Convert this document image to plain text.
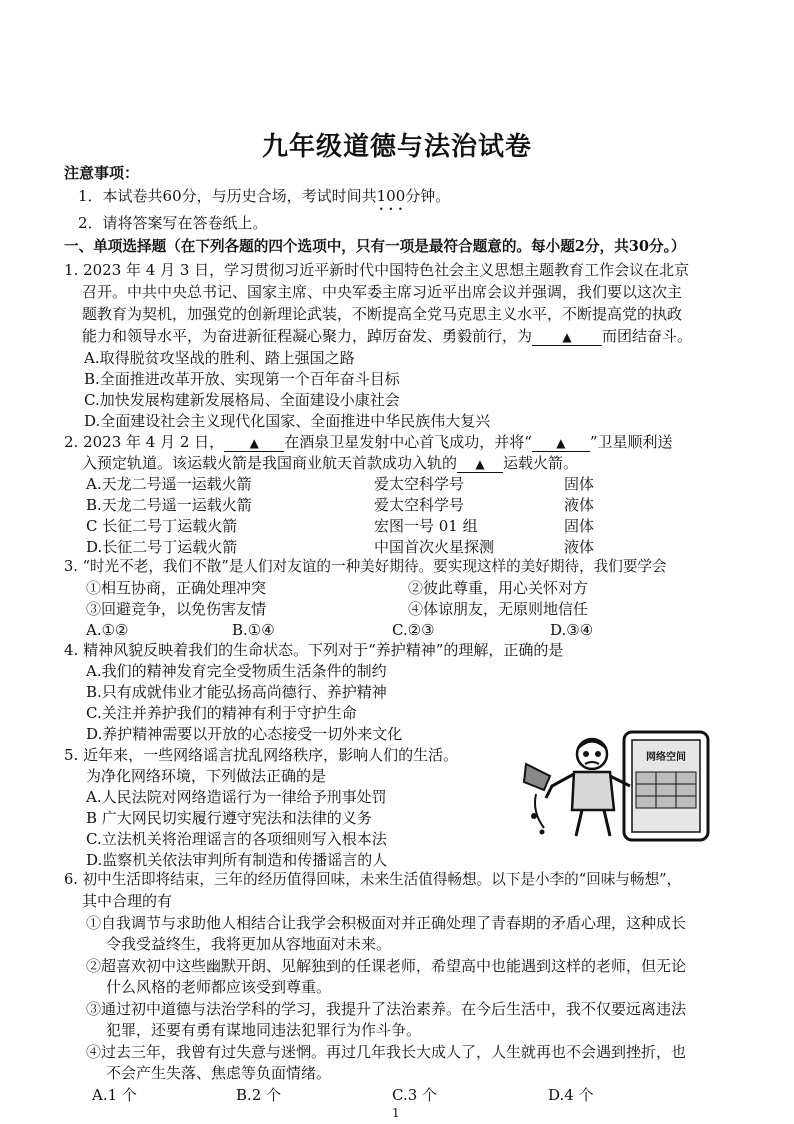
九年级道德与法治试卷
注意事项：
1．本试卷共60分，与历史合场，考试时间共100分钟。
2．请将答案写在答卷纸上。
一、单项选择题（在下列各题的四个选项中，只有一项是最符合题意的。每小题2分，共30分。）
1. 2023 年 4 月 3 日，学习贯彻习近平新时代中国特色社会主义思想主题教育工作会议在北京
召开。中共中央总书记、国家主席、中央军委主席习近平出席会议并强调，我们要以这次主
题教育为契机，加强党的创新理论武装，不断提高全党马克思主义水平，不断提高党的执政
能力和领导水平，为奋进新征程凝心聚力，踔厉奋发、勇毅前行，为	▲ 而团结奋斗。
A.取得脱贫攻坚战的胜利、踏上强国之路
B.全面推进改革开放、实现第一个百年奋斗目标
C.加快发展构建新发展格局、全面建设小康社会
D.全面建设社会主义现代化国家、全面推进中华民族伟大复兴
2. 2023 年 4 月 2 日， ▲ 在酒泉卫星发射中心首飞成功，并将“ ▲ ”卫星顺利送
入预定轨道。该运载火箭是我国商业航天首款成功入轨的 ▲ 运载火箭。
A.天龙二号遥一运载火箭	爱太空科学号	固体
B.天龙二号遥一运载火箭	爱太空科学号	液体
C 长征二号丁运载火箭	宏图一号 01 组	固体
D.长征二号丁运载火箭	中国首次火星探测	液体
3. “时光不老，我们不散”是人们对友谊的一种美好期待。要实现这样的美好期待，我们要学会
①相互协商，正确处理冲突	②彼此尊重，用心关怀对方
③回避竞争，以免伤害友情	④体谅朋友，无原则地信任
A.①②	B.①④	C.②③	D.③④
4. 精神风貌反映着我们的生命状态。下列对于“养护精神”的理解，正确的是
A.我们的精神发育完全受物质生活条件的制约
B.只有成就伟业才能弘扬高尚德行、养护精神
C.关注并养护我们的精神有利于守护生命
D.养护精神需要以开放的心态接受一切外来文化
5. 近年来，一些网络谣言扰乱网络秩序，影响人们的生活。
为净化网络环境，下列做法正确的是
A.人民法院对网络造谣行为一律给予刑事处罚
B 广大网民切实履行遵守宪法和法律的义务
C.立法机关将治理谣言的各项细则写入根本法
D.监察机关依法审判所有制造和传播谣言的人
网络空间
6. 初中生活即将结束，三年的经历值得回味，未来生活值得畅想。以下是小李的“回味与畅想”，
其中合理的有
①自我调节与求助他人相结合让我学会积极面对并正确处理了青春期的矛盾心理，这种成长
令我受益终生，我将更加从容地面对未来。
②超喜欢初中这些幽默开朗、见解独到的任课老师，希望高中也能遇到这样的老师，但无论
什么风格的老师都应该受到尊重。
③通过初中道德与法治学科的学习，我提升了法治素养。在今后生活中，我不仅要远离违法
犯罪，还要有勇有谋地同违法犯罪行为作斗争。
④过去三年，我曾有过失意与迷惘。再过几年我长大成人了，人生就再也不会遇到挫折，也
不会产生失落、焦虑等负面情绪。
A.1 个	B.2 个	C.3 个	D.4 个
1
